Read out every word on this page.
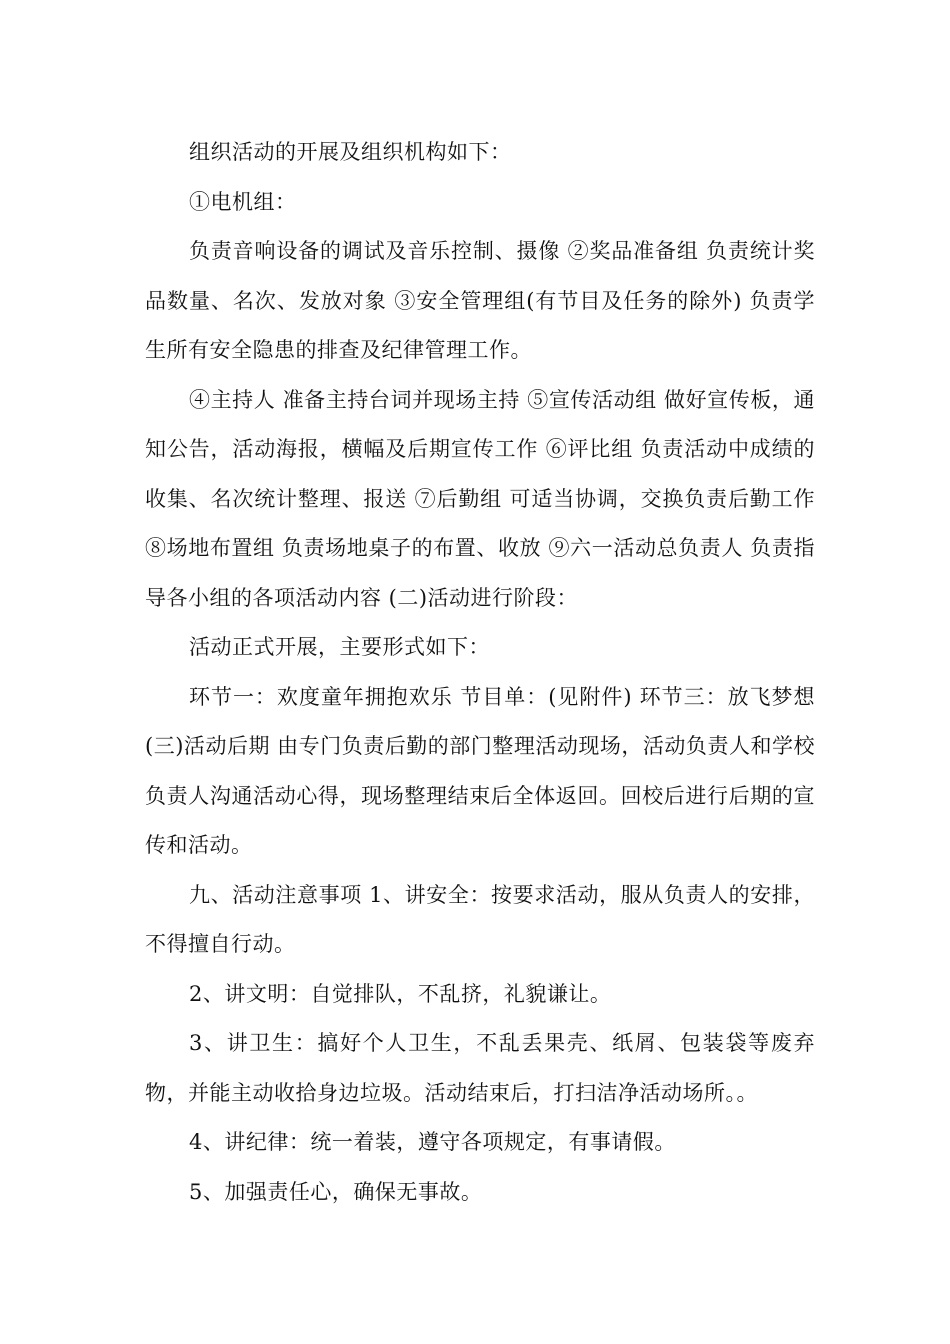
组织活动的开展及组织机构如下：

①电机组：

负责音响设备的调试及音乐控制、摄像 ②奖品准备组 负责统计奖品数量、名次、发放对象 ③安全管理组(有节目及任务的除外) 负责学生所有安全隐患的排查及纪律管理工作。

④主持人 准备主持台词并现场主持 ⑤宣传活动组 做好宣传板，通知公告，活动海报，横幅及后期宣传工作 ⑥评比组 负责活动中成绩的收集、名次统计整理、报送 ⑦后勤组 可适当协调，交换负责后勤工作 ⑧场地布置组 负责场地桌子的布置、收放 ⑨六一活动总负责人 负责指导各小组的各项活动内容 (二)活动进行阶段：

活动正式开展，主要形式如下：

环节一：欢度童年拥抱欢乐 节目单：(见附件) 环节三：放飞梦想 (三)活动后期 由专门负责后勤的部门整理活动现场，活动负责人和学校负责人沟通活动心得，现场整理结束后全体返回。回校后进行后期的宣传和活动。

九、活动注意事项 1、讲安全：按要求活动，服从负责人的安排，不得擅自行动。

2、讲文明：自觉排队，不乱挤，礼貌谦让。

3、讲卫生：搞好个人卫生，不乱丢果壳、纸屑、包装袋等废弃物，并能主动收拾身边垃圾。活动结束后，打扫洁净活动场所。。

4、讲纪律：统一着装，遵守各项规定，有事请假。

5、加强责任心，确保无事故。
